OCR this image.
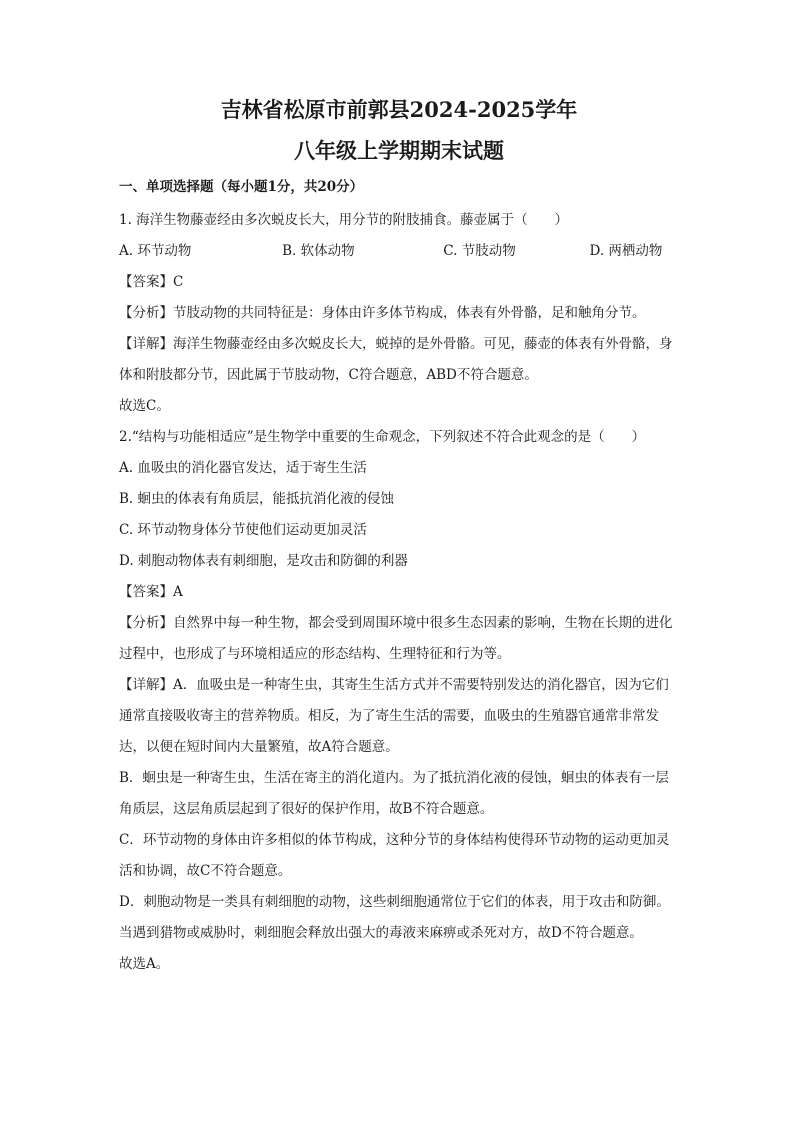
吉林省松原市前郭县2024-2025学年
八年级上学期期末试题

一、单项选择题（每小题1分，共20分）

1. 海洋生物藤壶经由多次蜕皮长大，用分节的附肢捕食。藤壶属于（　　）

A. 环节动物	B. 软体动物	C. 节肢动物	D. 两栖动物

【答案】C

【分析】节肢动物的共同特征是：身体由许多体节构成，体表有外骨骼，足和触角分节。

【详解】海洋生物藤壶经由多次蜕皮长大，蜕掉的是外骨骼。可见，藤壶的体表有外骨骼，身体和附肢都分节，因此属于节肢动物，C符合题意，ABD不符合题意。

故选C。

2.“结构与功能相适应”是生物学中重要的生命观念，下列叙述不符合此观念的是（　　）

A. 血吸虫的消化器官发达，适于寄生生活

B. 蛔虫的体表有角质层，能抵抗消化液的侵蚀

C. 环节动物身体分节使他们运动更加灵活

D. 刺胞动物体表有刺细胞，是攻击和防御的利器

【答案】A

【分析】自然界中每一种生物，都会受到周围环境中很多生态因素的影响，生物在长期的进化过程中，也形成了与环境相适应的形态结构、生理特征和行为等。

【详解】A．血吸虫是一种寄生虫，其寄生生活方式并不需要特别发达的消化器官，因为它们通常直接吸收寄主的营养物质。相反，为了寄生生活的需要，血吸虫的生殖器官通常非常发达，以便在短时间内大量繁殖，故A符合题意。

B．蛔虫是一种寄生虫，生活在寄主的消化道内。为了抵抗消化液的侵蚀，蛔虫的体表有一层角质层，这层角质层起到了很好的保护作用，故B不符合题意。

C．环节动物的身体由许多相似的体节构成，这种分节的身体结构使得环节动物的运动更加灵活和协调，故C不符合题意。

D．刺胞动物是一类具有刺细胞的动物，这些刺细胞通常位于它们的体表，用于攻击和防御。当遇到猎物或威胁时，刺细胞会释放出强大的毒液来麻痹或杀死对方，故D不符合题意。

故选A。
